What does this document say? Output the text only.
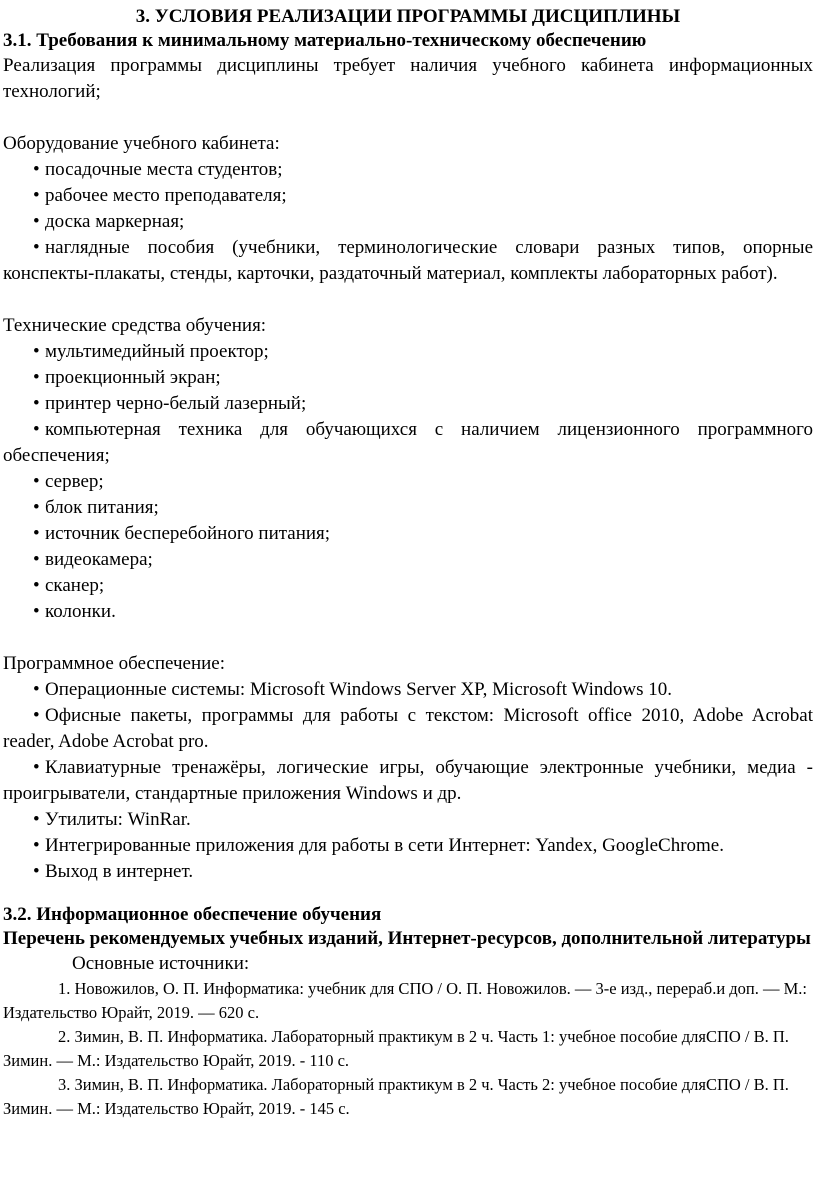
3. УСЛОВИЯ РЕАЛИЗАЦИИ ПРОГРАММЫ ДИСЦИПЛИНЫ
3.1. Требования к минимальному материально-техническому обеспечению

Реализация программы дисциплины требует наличия учебного кабинета информационных технологий;

Оборудование учебного кабинета:

• посадочные места студентов;
• рабочее место преподавателя;
• доска маркерная;
• наглядные пособия (учебники, терминологические словари разных типов, опорные конспекты-плакаты, стенды, карточки, раздаточный материал, комплекты лабораторных работ).

Технические средства обучения:

• мультимедийный проектор;
• проекционный экран;
• принтер черно-белый лазерный;
• компьютерная техника для обучающихся с наличием лицензионного программного обеспечения;
• сервер;
• блок питания;
• источник бесперебойного питания;
• видеокамера;
• сканер;
• колонки.

Программное обеспечение:

• Операционные системы: Microsoft Windows Server XP, Microsoft Windows 10.
• Офисные пакеты, программы для работы с текстом: Microsoft office 2010, Adobe Acrobat reader, Adobe Acrobat pro.
• Клавиатурные тренажёры, логические игры, обучающие электронные учебники, медиа - проигрыватели, стандартные приложения Windows и др.
• Утилиты: WinRar.
• Интегрированные приложения для работы в сети Интернет: Yandex, GoogleChrome.
• Выход в интернет.
3.2. Информационное обеспечение обучения
Перечень рекомендуемых учебных изданий, Интернет-ресурсов, дополнительной литературы

Основные источники:

1. Новожилов, О. П. Информатика: учебник для СПО / О. П. Новожилов. — 3-е изд., перераб.и доп. — М.: Издательство Юрайт, 2019. — 620 с.
2. Зимин, В. П. Информатика. Лабораторный практикум в 2 ч. Часть 1: учебное пособие дляСПО / В. П. Зимин. — М.: Издательство Юрайт, 2019. - 110 с.
3. Зимин, В. П. Информатика. Лабораторный практикум в 2 ч. Часть 2: учебное пособие дляСПО / В. П. Зимин. — М.: Издательство Юрайт, 2019. - 145 с.
